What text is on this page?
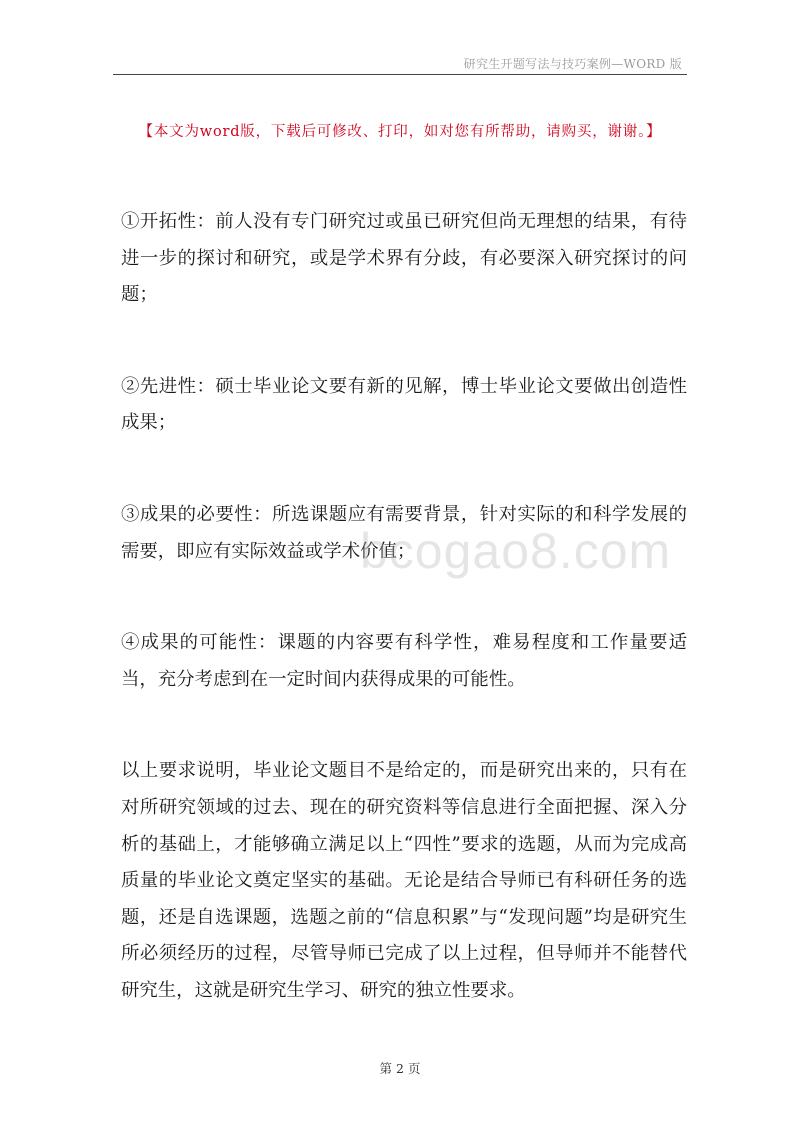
研究生开题写法与技巧案例—WORD 版
【本文为word版，下载后可修改、打印，如对您有所帮助，请购买，谢谢。】

①开拓性：前人没有专门研究过或虽已研究但尚无理想的结果，有待进一步的探讨和研究，或是学术界有分歧，有必要深入研究探讨的问题；

②先进性：硕士毕业论文要有新的见解，博士毕业论文要做出创造性成果；

③成果的必要性：所选课题应有需要背景，针对实际的和科学发展的需要，即应有实际效益或学术价值；

④成果的可能性：课题的内容要有科学性，难易程度和工作量要适当，充分考虑到在一定时间内获得成果的可能性。

以上要求说明，毕业论文题目不是给定的，而是研究出来的，只有在对所研究领域的过去、现在的研究资料等信息进行全面把握、深入分析的基础上，才能够确立满足以上“四性”要求的选题，从而为完成高质量的毕业论文奠定坚实的基础。无论是结合导师已有科研任务的选题，还是自选课题，选题之前的“信息积累”与“发现问题”均是研究生所必须经历的过程，尽管导师已完成了以上过程，但导师并不能替代研究生，这就是研究生学习、研究的独立性要求。

bcogao8.com
第 2 页
